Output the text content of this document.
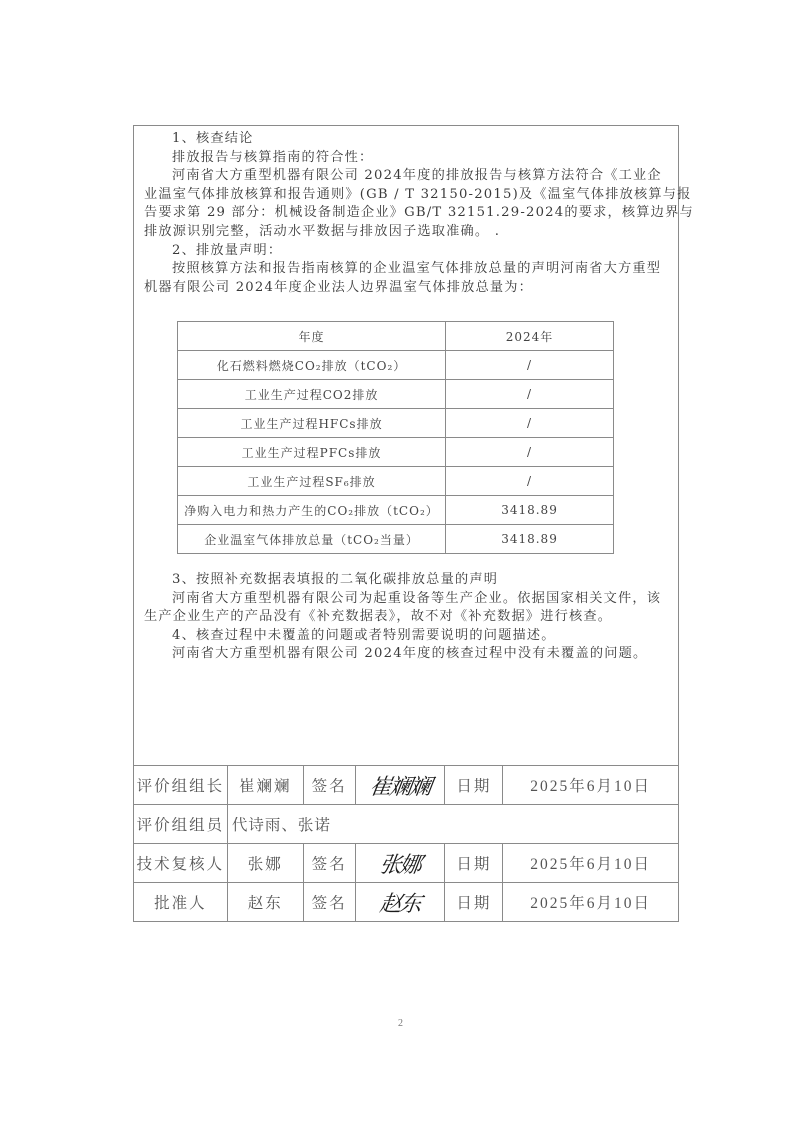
1、核查结论
排放报告与核算指南的符合性：
河南省大方重型机器有限公司 2024年度的排放报告与核算方法符合《工业企
业温室气体排放核算和报告通则》(GB / T 32150-2015)及《温室气体排放核算与报
告要求第 29 部分：机械设备制造企业》GB/T 32151.29-2024的要求，核算边界与
排放源识别完整，活动水平数据与排放因子选取准确。 .
2、排放量声明：
按照核算方法和报告指南核算的企业温室气体排放总量的声明河南省大方重型
机器有限公司 2024年度企业法人边界温室气体排放总量为：
年度	2024年
化石燃料燃烧CO₂排放（tCO₂）	/
工业生产过程CO2排放	/
工业生产过程HFCs排放	/
工业生产过程PFCs排放	/
工业生产过程SF₆排放	/
净购入电力和热力产生的CO₂排放（tCO₂）	3418.89
企业温室气体排放总量（tCO₂当量）	3418.89
3、按照补充数据表填报的二氧化碳排放总量的声明
河南省大方重型机器有限公司为起重设备等生产企业。依据国家相关文件，该
生产企业生产的产品没有《补充数据表》，故不对《补充数据》进行核查。
4、核查过程中未覆盖的问题或者特别需要说明的问题描述。
河南省大方重型机器有限公司 2024年度的核查过程中没有未覆盖的问题。
评价组组长	崔斓斓	签名	崔斓斓	日期	2025年6月10日
评价组组员	代诗雨、张诺				
技术复核人	张娜	签名	张娜	日期	2025年6月10日
批准人	赵东	签名	赵东	日期	2025年6月10日
2
